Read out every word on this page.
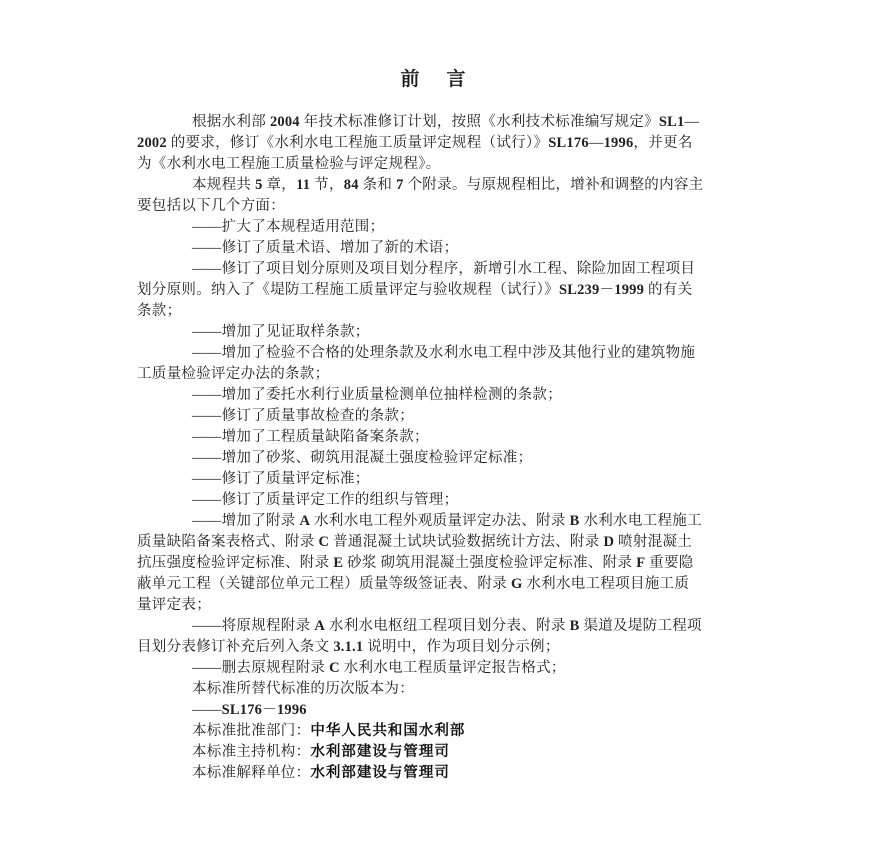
前　言
根据水利部 2004 年技术标准修订计划，按照《水利技术标准编写规定》SL1—
2002 的要求，修订《水利水电工程施工质量评定规程（试行）》SL176—1996，并更名
为《水利水电工程施工质量检验与评定规程》。
本规程共 5 章，11 节，84 条和 7 个附录。与原规程相比，增补和调整的内容主
要包括以下几个方面：
——扩大了本规程适用范围；
——修订了质量术语、增加了新的术语；
——修订了项目划分原则及项目划分程序，新增引水工程、除险加固工程项目
划分原则。纳入了《堤防工程施工质量评定与验收规程（试行）》SL239－1999 的有关
条款；
——增加了见证取样条款；
——增加了检验不合格的处理条款及水利水电工程中涉及其他行业的建筑物施
工质量检验评定办法的条款；
——增加了委托水利行业质量检测单位抽样检测的条款；
——修订了质量事故检查的条款；
——增加了工程质量缺陷备案条款；
——增加了砂浆、砌筑用混凝土强度检验评定标准；
——修订了质量评定标准；
——修订了质量评定工作的组织与管理；
——增加了附录 A 水利水电工程外观质量评定办法、附录 B 水利水电工程施工
质量缺陷备案表格式、附录 C 普通混凝土试块试验数据统计方法、附录 D 喷射混凝土
抗压强度检验评定标准、附录 E 砂浆 砌筑用混凝土强度检验评定标准、附录 F 重要隐
蔽单元工程（关键部位单元工程）质量等级签证表、附录 G 水利水电工程项目施工质
量评定表；
——将原规程附录 A 水利水电枢纽工程项目划分表、附录 B 渠道及堤防工程项
目划分表修订补充后列入条文 3.1.1 说明中，作为项目划分示例；
——删去原规程附录 C 水利水电工程质量评定报告格式；
本标准所替代标准的历次版本为：
——SL176－1996
本标准批准部门：中华人民共和国水利部
本标准主持机构：水利部建设与管理司
本标准解释单位：水利部建设与管理司
